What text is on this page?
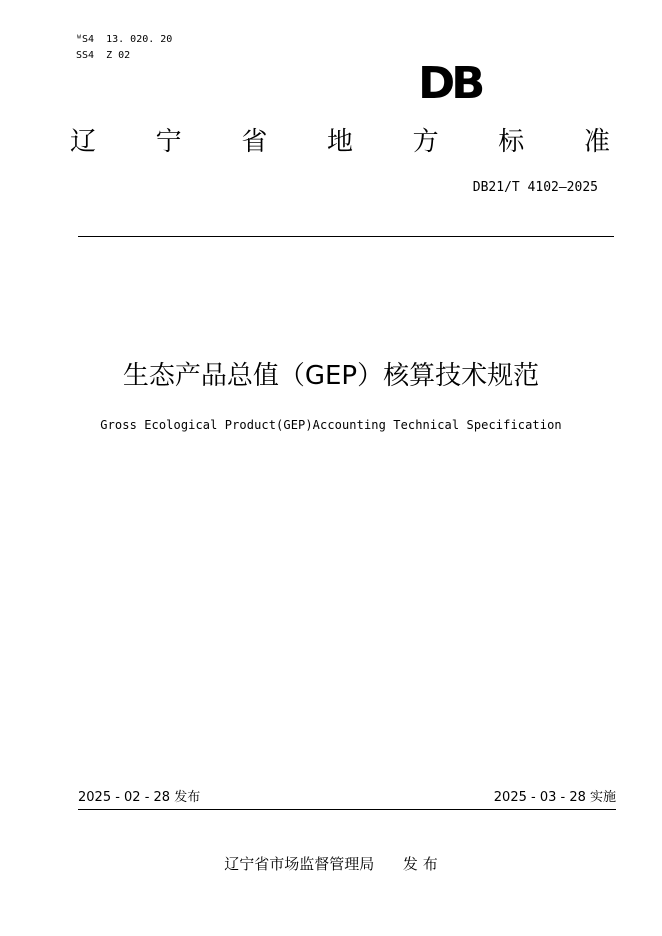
ᵂS4  13. 020. 20
SS4  Z 02
DB
辽 宁 省 地 方 标 准
DB21/T 4102—2025
生态产品总值（GEP）核算技术规范
Gross Ecological Product(GEP)Accounting Technical Specification
2025 - 02 - 28 发布	2025 - 03 - 28 实施
辽宁省市场监督管理局 发 布
